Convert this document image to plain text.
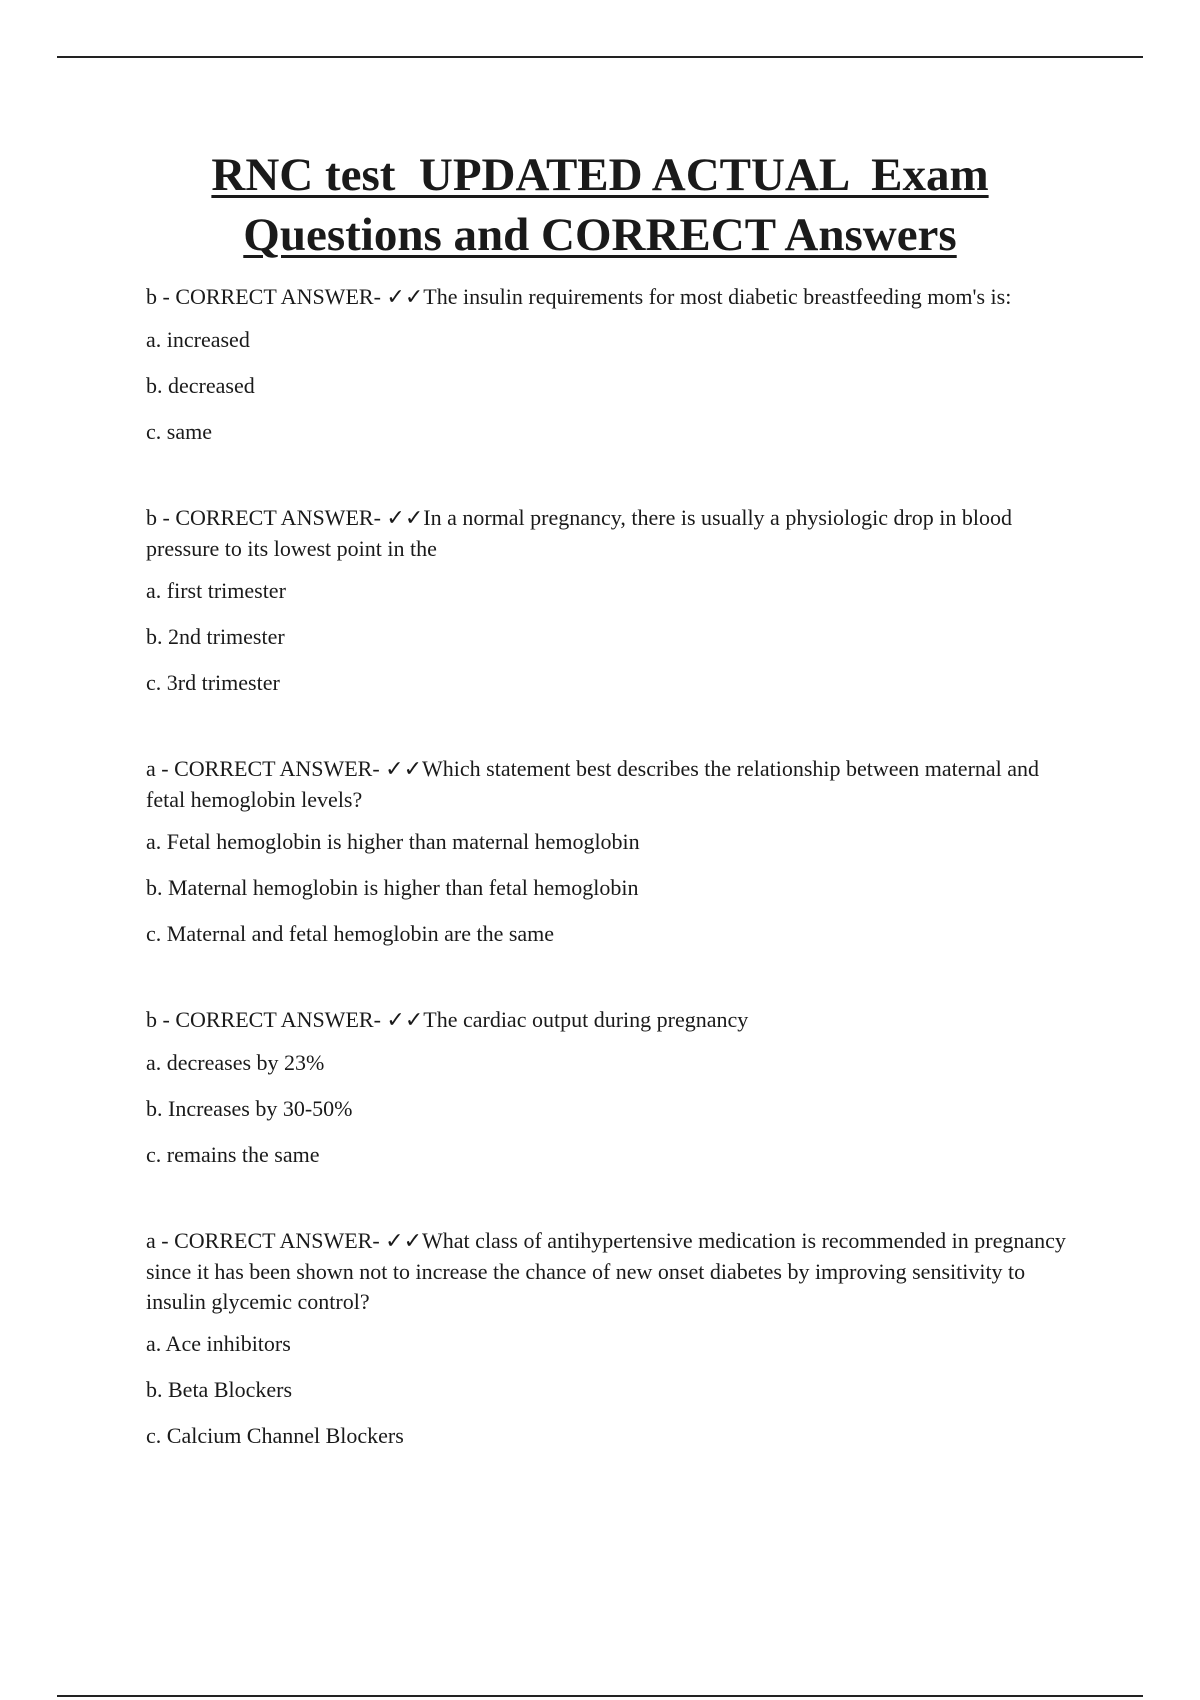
RNC test  UPDATED ACTUAL  Exam
Questions and CORRECT Answers

b - CORRECT ANSWER- ✓✓The insulin requirements for most diabetic breastfeeding mom's is:

a. increased

b. decreased

c. same

b - CORRECT ANSWER- ✓✓In a normal pregnancy, there is usually a physiologic drop in blood pressure to its lowest point in the

a. first trimester

b. 2nd trimester

c. 3rd trimester

a - CORRECT ANSWER- ✓✓Which statement best describes the relationship between maternal and fetal hemoglobin levels?

a. Fetal hemoglobin is higher than maternal hemoglobin

b. Maternal hemoglobin is higher than fetal hemoglobin

c. Maternal and fetal hemoglobin are the same

b - CORRECT ANSWER- ✓✓The cardiac output during pregnancy

a. decreases by 23%

b. Increases by 30-50%

c. remains the same

a - CORRECT ANSWER- ✓✓What class of antihypertensive medication is recommended in pregnancy since it has been shown not to increase the chance of new onset diabetes by improving sensitivity to insulin glycemic control?

a. Ace inhibitors

b. Beta Blockers

c. Calcium Channel Blockers
